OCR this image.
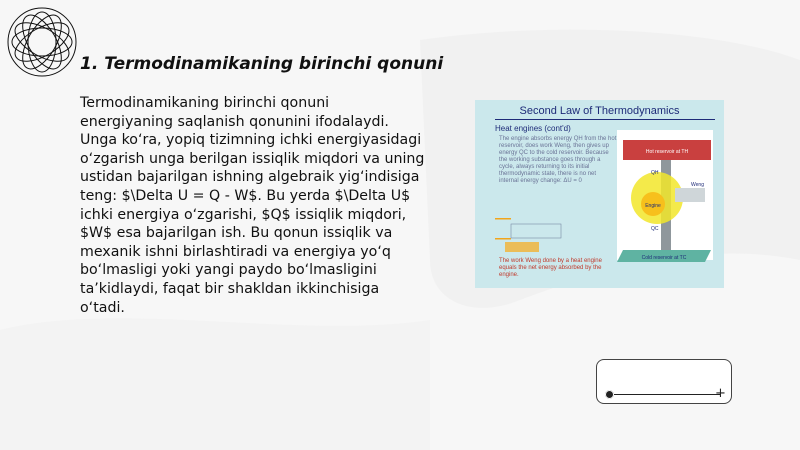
1. Termodinamikaning birinchi qonuni
Termodinamikaning birinchi qonuni energiyaning saqlanish qonunini ifodalaydi. Unga ko‘ra, yopiq tizimning ichki energiyasidagi o‘zgarish unga berilgan issiqlik miqdori va uning ustidan bajarilgan ishning algebraik yig‘indisiga teng: $\Delta U = Q - W$. Bu yerda $\Delta U$ ichki energiya o‘zgarishi, $Q$ issiqlik miqdori, $W$ esa bajarilgan ish. Bu qonun issiqlik va mexanik ishni birlashtiradi va energiya yo‘q bo‘lmasligi yoki yangi paydo bo‘lmasligini ta’kidlaydi, faqat bir shakldan ikkinchisiga o‘tadi.
Second Law of Thermodynamics
Heat engines (cont'd)
The engine absorbs energy QH from the hot reservoir, does work Weng, then gives up energy QC to the cold reservoir. Because the working substance goes through a cycle, always returning to its initial thermodynamic state, there is no net internal energy change: ΔU = 0
The work Weng done by a heat engine equals the net energy absorbed by the engine.
Hot reservoir at TH
Engine
Weng
QH
QC
Cold reservoir at TC
+
